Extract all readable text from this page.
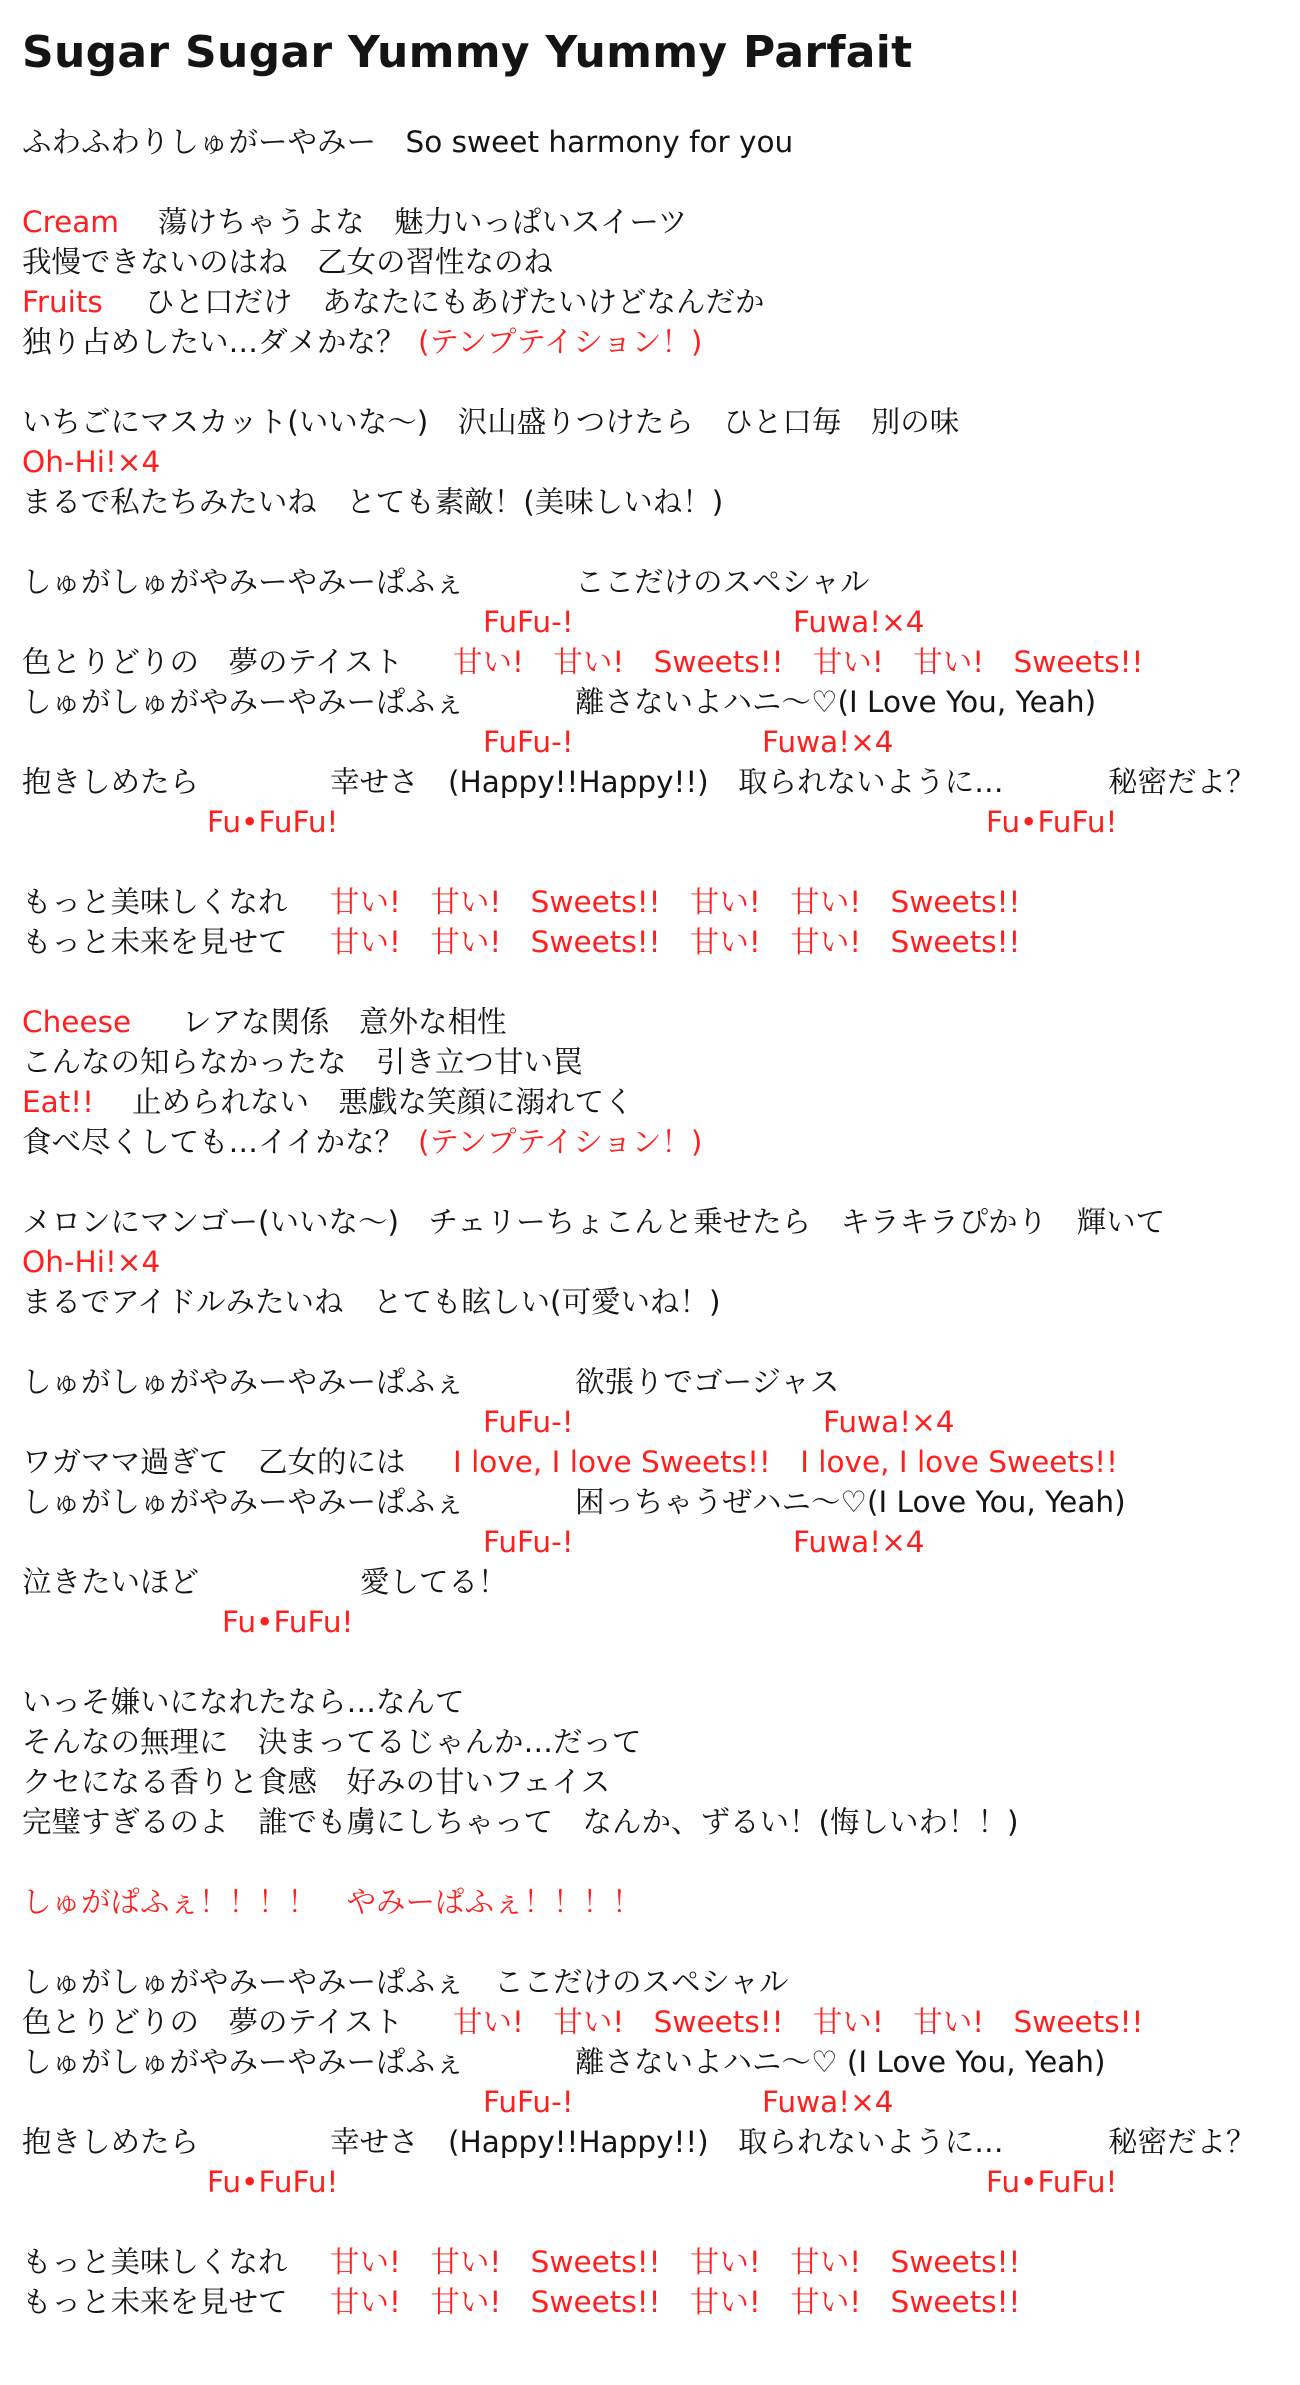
Sugar Sugar Yummy Yummy Parfait
ふわふわりしゅがーやみー　So sweet harmony for you
Cream 蕩けちゃうよな　魅力いっぱいスイーツ
我慢できないのはね　乙女の習性なのね
Fruits ひと口だけ　あなたにもあげたいけどなんだか
独り占めしたい…ダメかな？ (テンプテイション！)
いちごにマスカット(いいな～)　沢山盛りつけたら　ひと口毎　別の味
Oh-Hi!×4
まるで私たちみたいね　とても素敵！(美味しいね！)
しゅがしゅがやみーやみーぱふぇ	ここだけのスペシャル
FuFu-!	Fuwa!×4
色とりどりの　夢のテイスト 甘い!　甘い!　Sweets!!　甘い!　甘い!　Sweets!!
しゅがしゅがやみーやみーぱふぇ	離さないよハニ～♡(I Love You, Yeah)
FuFu-!	Fuwa!×4
抱きしめたら	幸せさ　(Happy!!Happy!!)　取られないように…	秘密だよ？
Fu•FuFu!	Fu•FuFu!
もっと美味しくなれ 甘い!　甘い!　Sweets!!　甘い!　甘い!　Sweets!!
もっと未来を見せて 甘い!　甘い!　Sweets!!　甘い!　甘い!　Sweets!!
Cheese レアな関係　意外な相性
こんなの知らなかったな　引き立つ甘い罠
Eat!! 止められない　悪戯な笑顔に溺れてく
食べ尽くしても…イイかな？ (テンプテイション！)
メロンにマンゴー(いいな～)　チェリーちょこんと乗せたら　キラキラぴかり　輝いて
Oh-Hi!×4
まるでアイドルみたいね　とても眩しい(可愛いね！)
しゅがしゅがやみーやみーぱふぇ	欲張りでゴージャス
FuFu-!	Fuwa!×4
ワガママ過ぎて　乙女的には I love, I love Sweets!!　I love, I love Sweets!!
しゅがしゅがやみーやみーぱふぇ	困っちゃうぜハニ～♡(I Love You, Yeah)
FuFu-!	Fuwa!×4
泣きたいほど	愛してる！
Fu•FuFu!
いっそ嫌いになれたなら…なんて
そんなの無理に　決まってるじゃんか…だって
クセになる香りと食感　好みの甘いフェイス
完璧すぎるのよ　誰でも虜にしちゃって　なんか、ずるい！(悔しいわ！！)
しゅがぱふぇ！！！！　やみーぱふぇ！！！！
しゅがしゅがやみーやみーぱふぇ　ここだけのスペシャル
色とりどりの　夢のテイスト 甘い!　甘い!　Sweets!!　甘い!　甘い!　Sweets!!
しゅがしゅがやみーやみーぱふぇ	離さないよハニ～♡ (I Love You, Yeah)
FuFu-!	Fuwa!×4
抱きしめたら	幸せさ　(Happy!!Happy!!)　取られないように…	秘密だよ？
Fu•FuFu!	Fu•FuFu!
もっと美味しくなれ 甘い!　甘い!　Sweets!!　甘い!　甘い!　Sweets!!
もっと未来を見せて 甘い!　甘い!　Sweets!!　甘い!　甘い!　Sweets!!
